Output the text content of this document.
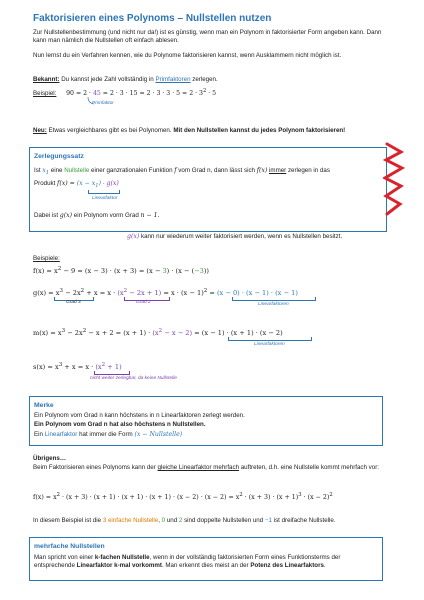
Faktorisieren eines Polynoms – Nullstellen nutzen
Zur Nullstellenbestimmung (und nicht nur da!) ist es günstig, wenn man ein Polynom in faktorisierter Form angeben kann. Dann kann man nämlich die Nullstellen oft einfach ablesen.
Nun lernst du ein Verfahren kennen, wie du Polynome faktorisieren kannst, wenn Ausklammern nicht möglich ist.
Bekannt: Du kannst jede Zahl vollständig in Primfaktoren zerlegen.
Beispiel: $90 = 2 \cdot 45 = 2 \cdot 3 \cdot 15 = 2 \cdot 3 \cdot 3 \cdot 5 = 2 \cdot 3^2 \cdot 5$
Primfaktor
Neu: Etwas vergleichbares gibt es bei Polynomen. Mit den Nullstellen kannst du jedes Polynom faktorisieren!
Zerlegungssatz
Ist $x_1$ eine Nullstelle einer ganzrationalen Funktion f vom Grad n, dann lässt sich f(x) immer zerlegen in das
Produkt $f(x) = (x - x_1) \cdot g(x)$
Linearfaktor
Dabei ist g(x) ein Polynom vorm Grad n − 1.
g(x) kann nur wiederum weiter faktorisiert werden, wenn es Nullstellen besitzt.
Beispiele:
$f(x) = x^2 - 9 = (x - 3) \cdot (x + 3) = (x - 3) \cdot (x - (-3))$
$g(x) = x^3 - 2x^2 + x = x \cdot (x^2 - 2x + 1) = x \cdot (x - 1)^2 = (x - 0) \cdot (x - 1) \cdot (x - 1)$
Grad 3	Grad 2	Linearfaktoren
$m(x) = x^3 - 2x^2 - x + 2 = (x + 1) \cdot (x^2 - x - 2) = (x - 1) \cdot (x + 1) \cdot (x - 2)$
Linearfaktoren
$s(x) = x^3 + x = x \cdot (x^2 + 1)$
nicht weiter zerlegbar, da keine Nullstelle
Merke
Ein Polynom vom Grad n kann höchstens in n Linearfaktoren zerlegt werden.
Ein Polynom vom Grad n hat also höchstens n Nullstellen.
Ein Linearfaktor hat immer die Form (x − Nullstelle)
Übrigens…
Beim Faktorisieren eines Polynoms kann der gleiche Linearfaktor mehrfach auftreten, d.h. eine Nullstelle kommt mehrfach vor:
$f(x) = x^2 \cdot (x + 3) \cdot (x + 1) \cdot (x + 1) \cdot (x + 1) \cdot (x - 2) \cdot (x - 2) = x^2 \cdot (x + 3) \cdot (x + 1)^3 \cdot (x - 2)^2$
In diesem Beispiel ist die 3 einfache Nullstelle, 0 und 2 sind doppelte Nullstellen und −1 ist dreifache Nullstelle.
mehrfache Nullstellen
Man spricht von einer k-fachen Nullstelle, wenn in der vollständig faktorisierten Form eines Funktionsterms der entsprechende Linearfaktor k-mal vorkommt. Man erkennt dies meist an der Potenz des Linearfaktors.
